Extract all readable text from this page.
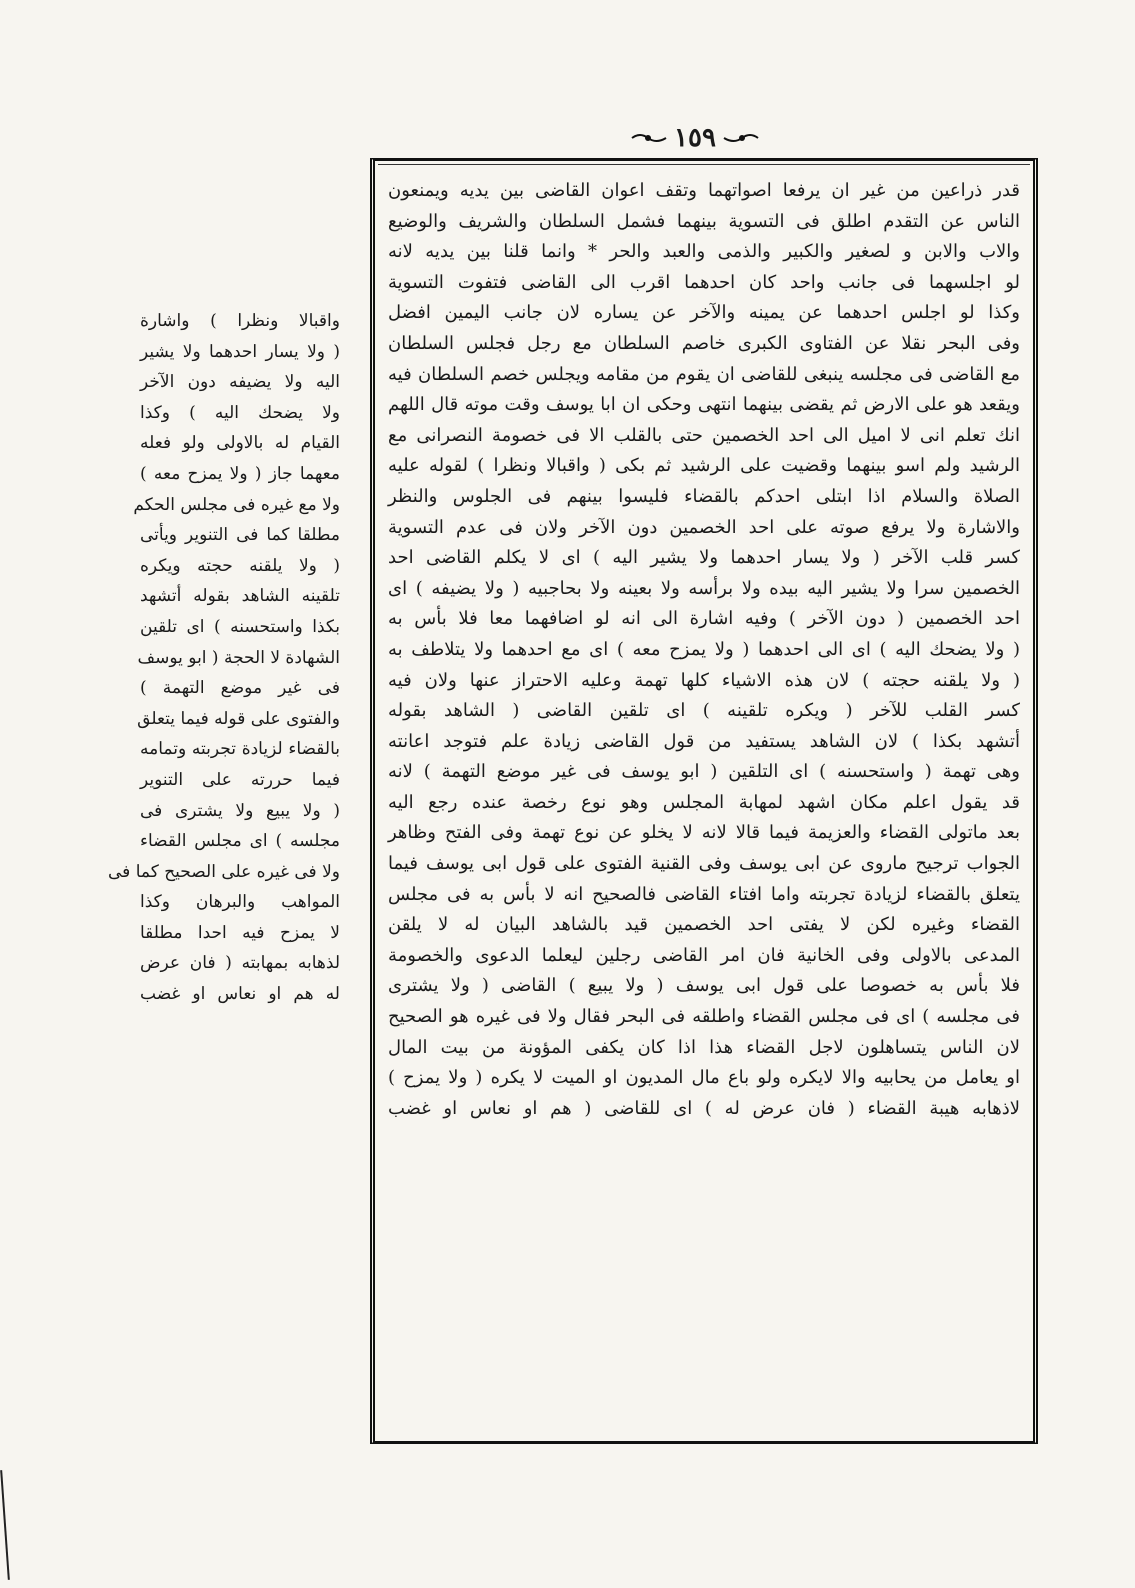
١٥٩
قدر ذراعين من غير ان يرفعا اصواتهما وتقف اعوان القاضى بين يديه ويمنعون
الناس عن التقدم اطلق فى التسوية بينهما فشمل السلطان والشريف والوضيع
والاب والابن و لصغير والكبير والذمى والعبد والحر * وانما قلنا بين يديه لانه
لو اجلسهما فى جانب واحد كان احدهما اقرب الى القاضى فتفوت التسوية
وكذا لو اجلس احدهما عن يمينه والآخر عن يساره لان جانب اليمين افضل
وفى البحر نقلا عن الفتاوى الكبرى خاصم السلطان مع رجل فجلس السلطان
مع القاضى فى مجلسه ينبغى للقاضى ان يقوم من مقامه ويجلس خصم السلطان فيه
ويقعد هو على الارض ثم يقضى بينهما انتهى وحكى ان ابا يوسف وقت موته قال اللهم
انك تعلم انى لا اميل الى احد الخصمين حتى بالقلب الا فى خصومة النصرانى مع
الرشيد ولم اسو بينهما وقضيت على الرشيد ثم بكى ( واقبالا ونظرا ) لقوله عليه
الصلاة والسلام اذا ابتلى احدكم بالقضاء فليسوا بينهم فى الجلوس والنظر
والاشارة ولا يرفع صوته على احد الخصمين دون الآخر ولان فى عدم التسوية
كسر قلب الآخر ( ولا يسار احدهما ولا يشير اليه ) اى لا يكلم القاضى احد
الخصمين سرا ولا يشير اليه بيده ولا برأسه ولا بعينه ولا بحاجبيه ( ولا يضيفه ) اى
احد الخصمين ( دون الآخر ) وفيه اشارة الى انه لو اضافهما معا فلا بأس به
( ولا يضحك اليه ) اى الى احدهما ( ولا يمزح معه ) اى مع احدهما ولا يتلاطف به
( ولا يلقنه حجته ) لان هذه الاشياء كلها تهمة وعليه الاحتراز عنها ولان فيه
كسر القلب للآخر ( ويكره تلقينه ) اى تلقين القاضى ( الشاهد بقوله
أتشهد بكذا ) لان الشاهد يستفيد من قول القاضى زيادة علم فتوجد اعانته
وهى تهمة ( واستحسنه ) اى التلقين ( ابو يوسف فى غير موضع التهمة ) لانه
قد يقول اعلم مكان اشهد لمهابة المجلس وهو نوع رخصة عنده رجع اليه
بعد ماتولى القضاء والعزيمة فيما قالا لانه لا يخلو عن نوع تهمة وفى الفتح وظاهر
الجواب ترجيح ماروى عن ابى يوسف وفى القنية الفتوى على قول ابى يوسف فيما
يتعلق بالقضاء لزيادة تجربته واما افتاء القاضى فالصحيح انه لا بأس به فى مجلس
القضاء وغيره لكن لا يفتى احد الخصمين قيد بالشاهد البيان له لا يلقن
المدعى بالاولى وفى الخانية فان امر القاضى رجلين ليعلما الدعوى والخصومة
فلا بأس به خصوصا على قول ابى يوسف ( ولا يبيع ) القاضى ( ولا يشترى
فى مجلسه ) اى فى مجلس القضاء واطلقه فى البحر فقال ولا فى غيره هو الصحيح
لان الناس يتساهلون لاجل القضاء هذا اذا كان يكفى المؤونة من بيت المال
او يعامل من يحابيه والا لايكره ولو باع مال المديون او الميت لا يكره ( ولا يمزح )
لاذهابه هيبة القضاء ( فان عرض له ) اى للقاضى ( هم او نعاس او غضب
واقبالا ونظرا ) واشارة
( ولا يسار احدهما ولا يشير
اليه ولا يضيفه دون الآخر
ولا يضحك اليه ) وكذا
القيام له بالاولى ولو فعله
معهما جاز ( ولا يمزح معه )
ولا مع غيره فى مجلس الحكم
مطلقا كما فى التنوير ويأتى
( ولا يلقنه حجته ويكره
تلقينه الشاهد بقوله أتشهد
بكذا واستحسنه ) اى تلقين
الشهادة لا الحجة ( ابو يوسف
فى غير موضع التهمة )
والفتوى على قوله فيما يتعلق
بالقضاء لزيادة تجربته وتمامه
فيما حررته على التنوير
( ولا يبيع ولا يشترى فى
مجلسه ) اى مجلس القضاء
ولا فى غيره على الصحيح كما فى
المواهب والبرهان وكذا
لا يمزح فيه احدا مطلقا
لذهابه بمهابته ( فان عرض
له هم او نعاس او غضب
